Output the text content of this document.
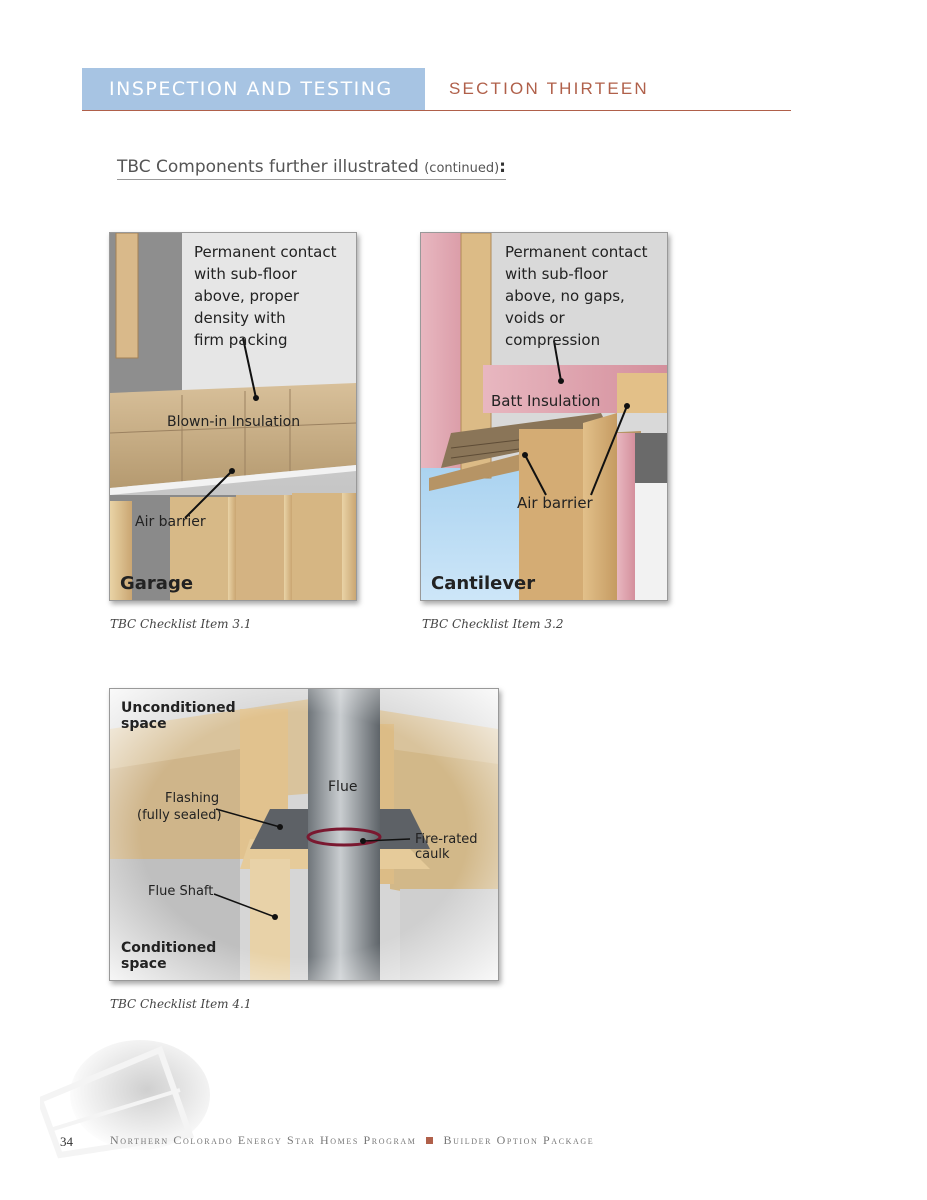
INSPECTION AND TESTING	SECTION THIRTEEN
TBC Components further illustrated (continued):
Permanent contact
with sub-floor
above, proper
density with
firm packing
Blown-in Insulation
Air barrier
Garage
TBC Checklist Item 3.1
Permanent contact
with sub-floor
above, no gaps,
voids or
compression
Batt Insulation
Air barrier
Cantilever
TBC Checklist Item 3.2
Unconditioned
space
Flue
Flashing
(fully sealed)
Fire-rated
caulk
Flue Shaft
Conditioned
space
TBC Checklist Item 4.1
34	Northern Colorado Energy Star Homes Program Builder Option Package
